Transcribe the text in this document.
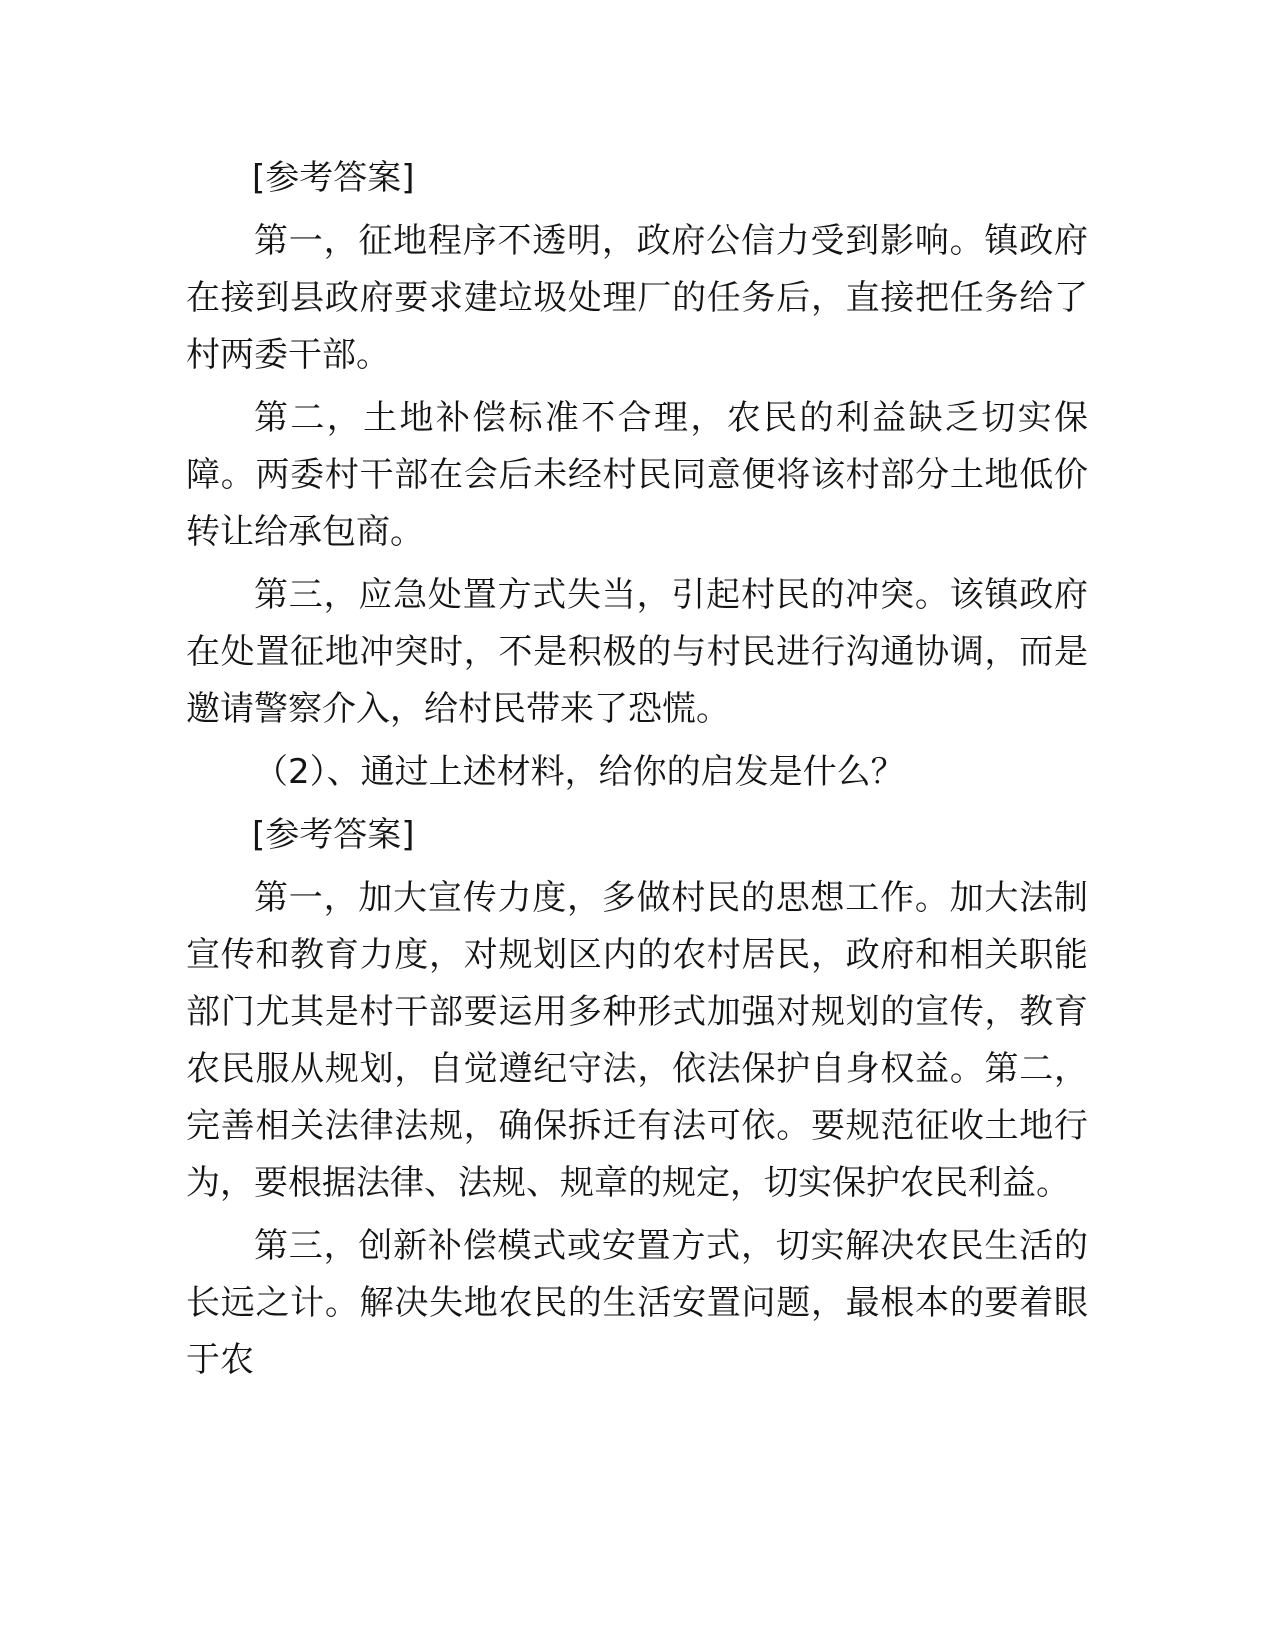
[参考答案]

第一，征地程序不透明，政府公信力受到影响。镇政府在接到县政府要求建垃圾处理厂的任务后，直接把任务给了村两委干部。

第二，土地补偿标准不合理，农民的利益缺乏切实保障。两委村干部在会后未经村民同意便将该村部分土地低价转让给承包商。

第三，应急处置方式失当，引起村民的冲突。该镇政府在处置征地冲突时，不是积极的与村民进行沟通协调，而是邀请警察介入，给村民带来了恐慌。

（2）、通过上述材料，给你的启发是什么？

[参考答案]

第一，加大宣传力度，多做村民的思想工作。加大法制宣传和教育力度，对规划区内的农村居民，政府和相关职能部门尤其是村干部要运用多种形式加强对规划的宣传，教育农民服从规划，自觉遵纪守法，依法保护自身权益。第二，完善相关法律法规，确保拆迁有法可依。要规范征收土地行为，要根据法律、法规、规章的规定，切实保护农民利益。

第三，创新补偿模式或安置方式，切实解决农民生活的长远之计。解决失地农民的生活安置问题，最根本的要着眼于农
